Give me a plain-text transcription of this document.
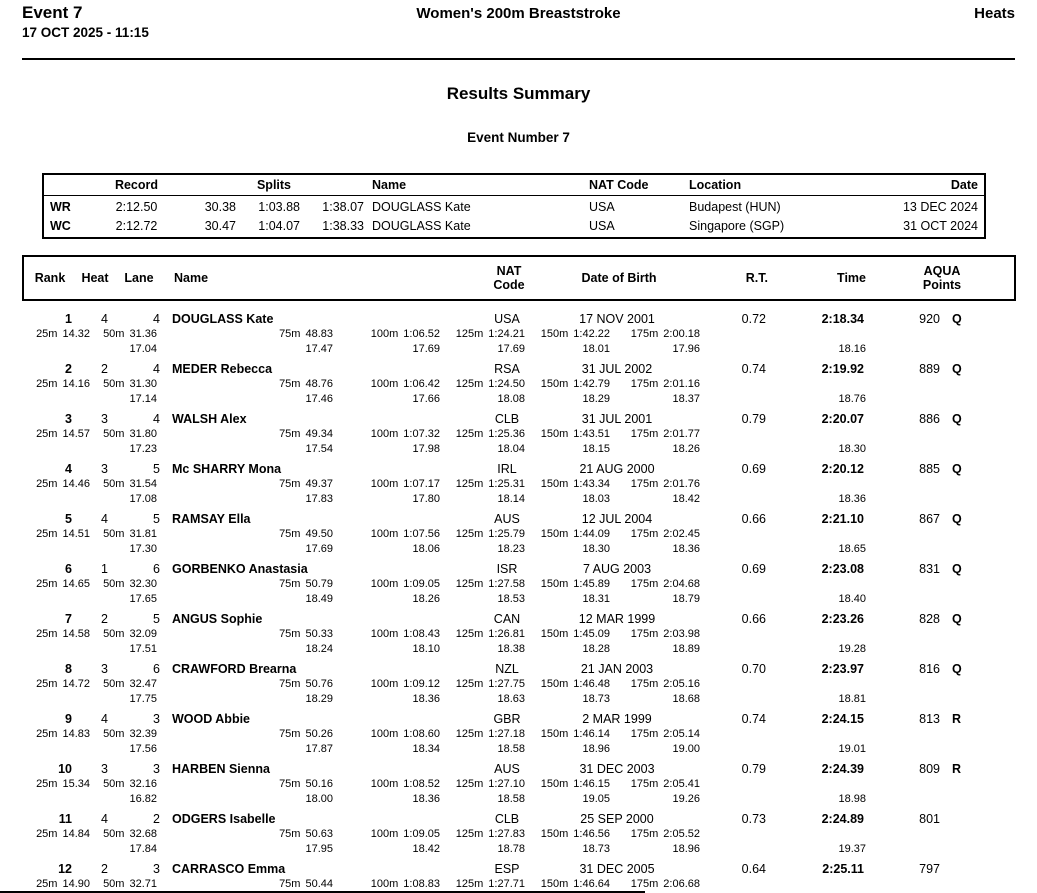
Event 7	Women's 200m Breaststroke	Heats
17 OCT 2025 - 11:15
Results Summary
Event Number 7
Record	Splits	Name	NAT Code	Location	Date
WR	2:12.50	30.38	1:03.88	1:38.07 DOUGLASS Kate	USA	Budapest (HUN)	13 DEC 2024
WC	2:12.72	30.47	1:04.07	1:38.33 DOUGLASS Kate	USA	Singapore (SGP)	31 OCT 2024
Rank	Heat	Lane	Name	NAT
Code	Date of Birth	R.T.	Time	AQUA
Points
1	4	4 DOUGLASS Kate	USA	17 NOV 2001	0.72	2:18.34	920 Q
25m 14.32 50m 31.36	75m 48.83	100m 1:06.52 125m 1:24.21 150m 1:42.22 175m 2:00.18
17.04	17.47	17.69	17.69	18.01	17.96	18.16
2	2	4 MEDER Rebecca	RSA	31 JUL 2002	0.74	2:19.92	889 Q
25m 14.16 50m 31.30	75m 48.76	100m 1:06.42 125m 1:24.50 150m 1:42.79 175m 2:01.16
17.14	17.46	17.66	18.08	18.29	18.37	18.76
3	3	4 WALSH Alex	CLB	31 JUL 2001	0.79	2:20.07	886 Q
25m 14.57 50m 31.80	75m 49.34	100m 1:07.32 125m 1:25.36 150m 1:43.51 175m 2:01.77
17.23	17.54	17.98	18.04	18.15	18.26	18.30
4	3	5 Mc SHARRY Mona	IRL	21 AUG 2000	0.69	2:20.12	885 Q
25m 14.46 50m 31.54	75m 49.37	100m 1:07.17 125m 1:25.31 150m 1:43.34 175m 2:01.76
17.08	17.83	17.80	18.14	18.03	18.42	18.36
5	4	5 RAMSAY Ella	AUS	12 JUL 2004	0.66	2:21.10	867 Q
25m 14.51 50m 31.81	75m 49.50	100m 1:07.56 125m 1:25.79 150m 1:44.09 175m 2:02.45
17.30	17.69	18.06	18.23	18.30	18.36	18.65
6	1	6 GORBENKO Anastasia	ISR	7 AUG 2003	0.69	2:23.08	831 Q
25m 14.65 50m 32.30	75m 50.79	100m 1:09.05 125m 1:27.58 150m 1:45.89 175m 2:04.68
17.65	18.49	18.26	18.53	18.31	18.79	18.40
7	2	5 ANGUS Sophie	CAN	12 MAR 1999	0.66	2:23.26	828 Q
25m 14.58 50m 32.09	75m 50.33	100m 1:08.43 125m 1:26.81 150m 1:45.09 175m 2:03.98
17.51	18.24	18.10	18.38	18.28	18.89	19.28
8	3	6 CRAWFORD Brearna	NZL	21 JAN 2003	0.70	2:23.97	816 Q
25m 14.72 50m 32.47	75m 50.76	100m 1:09.12 125m 1:27.75 150m 1:46.48 175m 2:05.16
17.75	18.29	18.36	18.63	18.73	18.68	18.81
9	4	3 WOOD Abbie	GBR	2 MAR 1999	0.74	2:24.15	813 R
25m 14.83 50m 32.39	75m 50.26	100m 1:08.60 125m 1:27.18 150m 1:46.14 175m 2:05.14
17.56	17.87	18.34	18.58	18.96	19.00	19.01
10	3	3 HARBEN Sienna	AUS	31 DEC 2003	0.79	2:24.39	809 R
25m 15.34 50m 32.16	75m 50.16	100m 1:08.52 125m 1:27.10 150m 1:46.15 175m 2:05.41
16.82	18.00	18.36	18.58	19.05	19.26	18.98
11	4	2 ODGERS Isabelle	CLB	25 SEP 2000	0.73	2:24.89	801
25m 14.84 50m 32.68	75m 50.63	100m 1:09.05 125m 1:27.83 150m 1:46.56 175m 2:05.52
17.84	17.95	18.42	18.78	18.73	18.96	19.37
12	2	3 CARRASCO Emma	ESP	31 DEC 2005	0.64	2:25.11	797
25m 14.90 50m 32.71	75m 50.44	100m 1:08.83 125m 1:27.71 150m 1:46.64 175m 2:06.68
